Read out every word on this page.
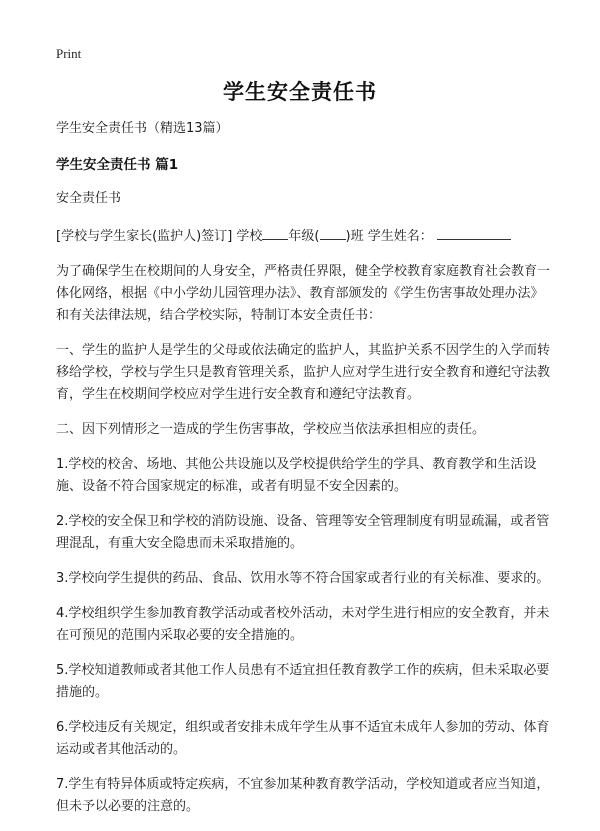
Print
学生安全责任书

学生安全责任书（精选13篇）

学生安全责任书 篇1

安全责任书

[学校与学生家长(监护人)签订] 学校 年级( )班 学生姓名：

为了确保学生在校期间的人身安全，严格责任界限，健全学校教育家庭教育社会教育一体化网络，根据《中小学幼儿园管理办法》、教育部颁发的《学生伤害事故处理办法》和有关法律法规，结合学校实际，特制订本安全责任书：

一、学生的监护人是学生的父母或依法确定的监护人，其监护关系不因学生的入学而转移给学校，学校与学生只是教育管理关系，监护人应对学生进行安全教育和遵纪守法教育，学生在校期间学校应对学生进行安全教育和遵纪守法教育。

二、因下列情形之一造成的学生伤害事故，学校应当依法承担相应的责任。

1.学校的校舍、场地、其他公共设施以及学校提供给学生的学具、教育教学和生活设施、设备不符合国家规定的标准，或者有明显不安全因素的。

2.学校的安全保卫和学校的消防设施、设备、管理等安全管理制度有明显疏漏，或者管理混乱，有重大安全隐患而未采取措施的。

3.学校向学生提供的药品、食品、饮用水等不符合国家或者行业的有关标准、要求的。

4.学校组织学生参加教育教学活动或者校外活动，未对学生进行相应的安全教育，并未在可预见的范围内采取必要的安全措施的。

5.学校知道教师或者其他工作人员患有不适宜担任教育教学工作的疾病，但未采取必要措施的。

6.学校违反有关规定，组织或者安排未成年学生从事不适宜未成年人参加的劳动、体育运动或者其他活动的。

7.学生有特异体质或特定疾病，不宜参加某种教育教学活动，学校知道或者应当知道，但未予以必要的注意的。
